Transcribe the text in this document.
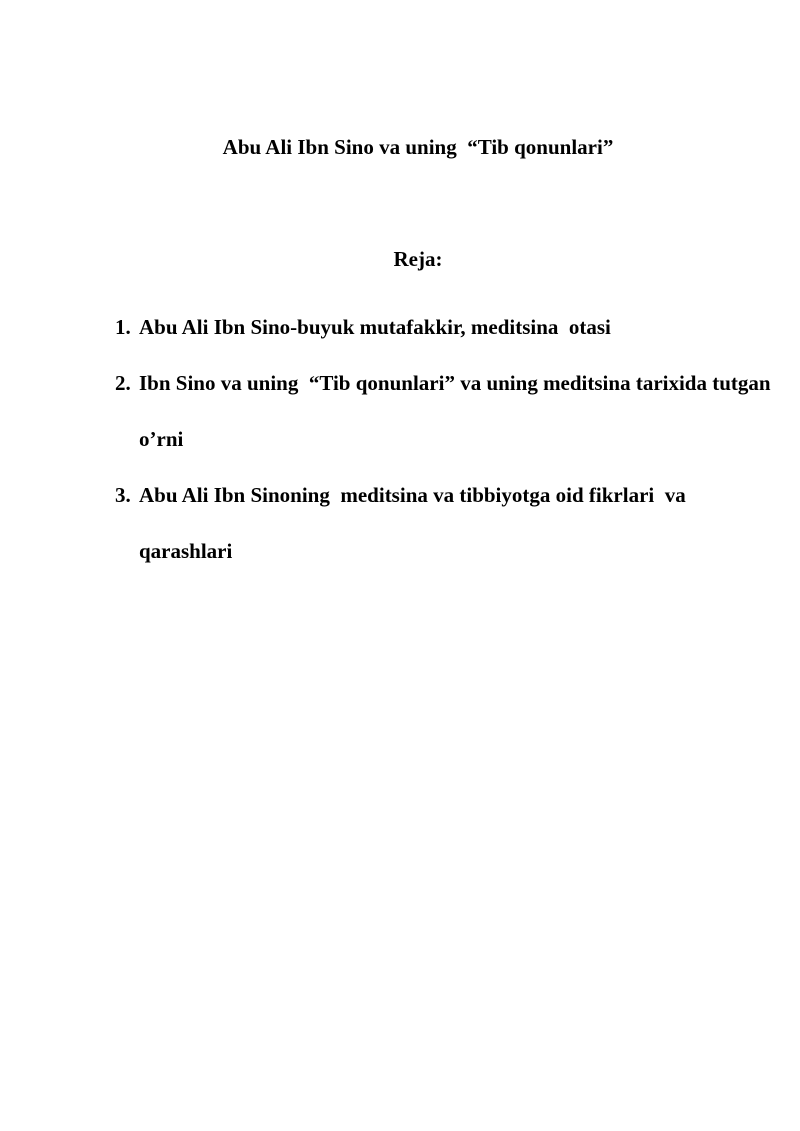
Abu Ali Ibn Sino va uning  “Tib qonunlari”
Reja:
1. Abu Ali Ibn Sino-buyuk mutafakkir, meditsina  otasi
2. Ibn Sino va uning  “Tib qonunlari” va uning meditsina tarixida tutgan o’rni
3. Abu Ali Ibn Sinoning  meditsina va tibbiyotga oid fikrlari  va qarashlari
